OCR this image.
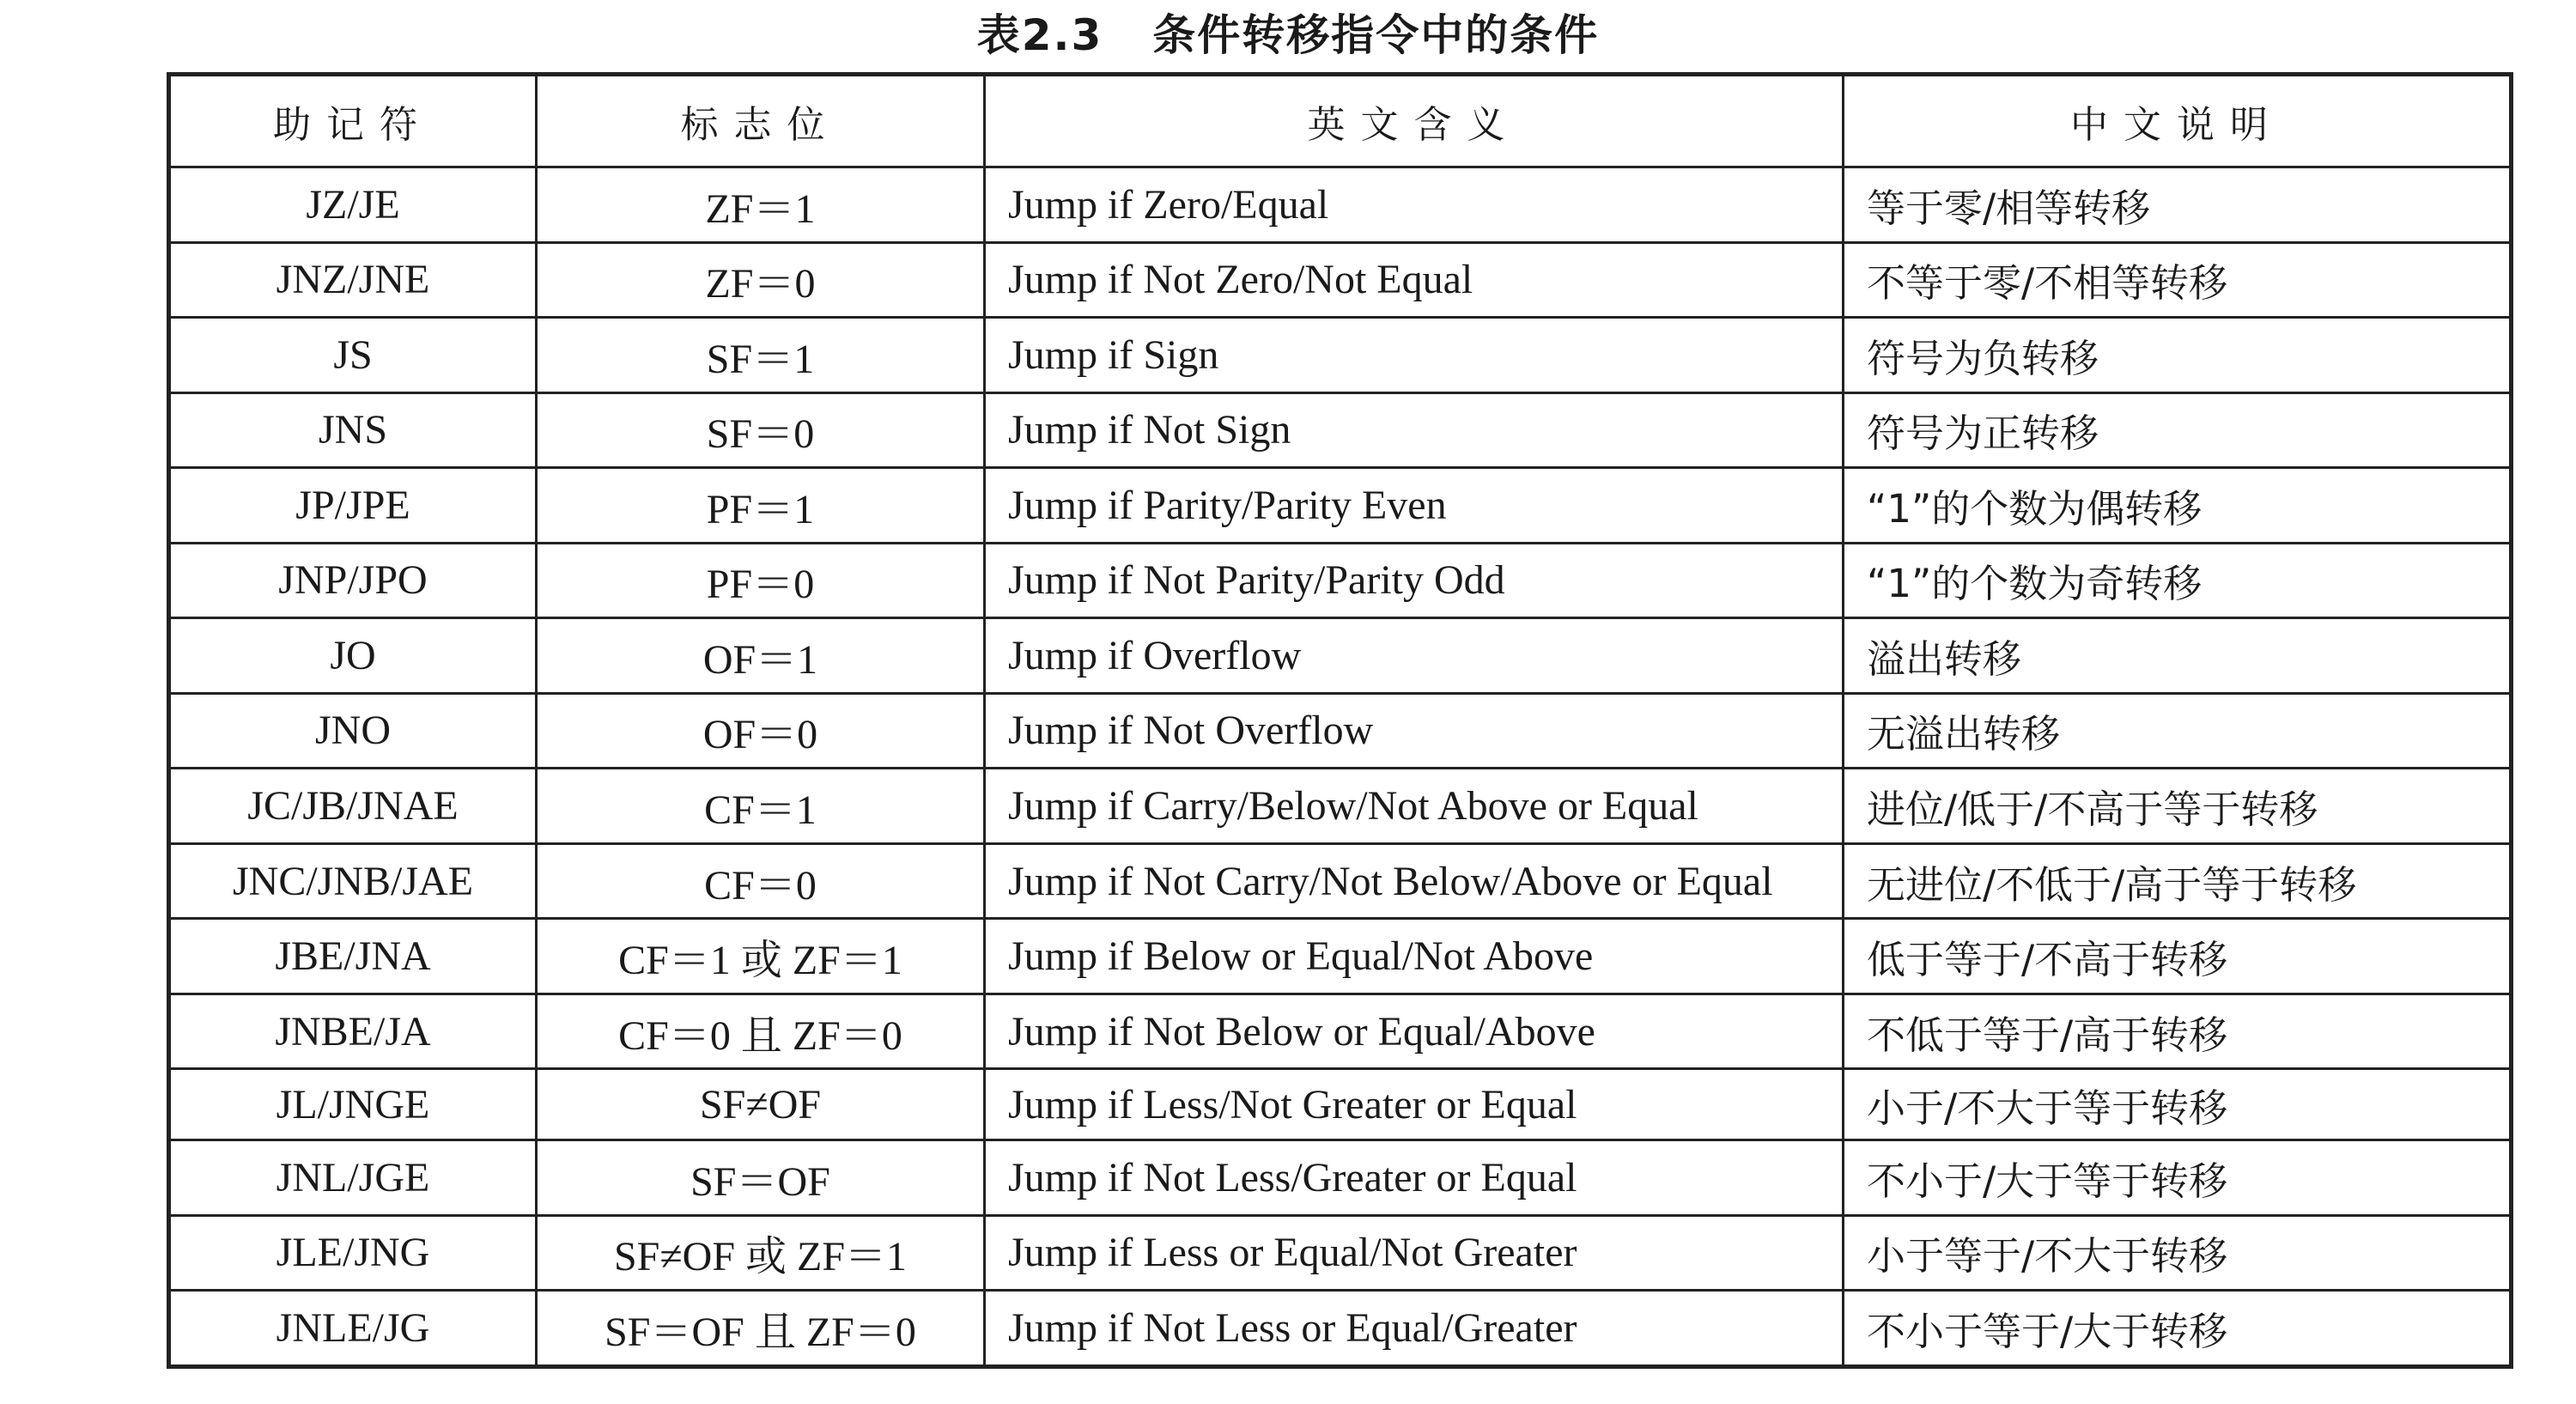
表2.3 条件转移指令中的条件
助记符	标志位	英文含义	中文说明
JZ/JE	ZF＝1	Jump if Zero/Equal	等于零/相等转移
JNZ/JNE	ZF＝0	Jump if Not Zero/Not Equal	不等于零/不相等转移
JS	SF＝1	Jump if Sign	符号为负转移
JNS	SF＝0	Jump if Not Sign	符号为正转移
JP/JPE	PF＝1	Jump if Parity/Parity Even	“1”的个数为偶转移
JNP/JPO	PF＝0	Jump if Not Parity/Parity Odd	“1”的个数为奇转移
JO	OF＝1	Jump if Overflow	溢出转移
JNO	OF＝0	Jump if Not Overflow	无溢出转移
JC/JB/JNAE	CF＝1	Jump if Carry/Below/Not Above or Equal	进位/低于/不高于等于转移
JNC/JNB/JAE	CF＝0	Jump if Not Carry/Not Below/Above or Equal	无进位/不低于/高于等于转移
JBE/JNA	CF＝1 或 ZF＝1	Jump if Below or Equal/Not Above	低于等于/不高于转移
JNBE/JA	CF＝0 且 ZF＝0	Jump if Not Below or Equal/Above	不低于等于/高于转移
JL/JNGE	SF≠OF	Jump if Less/Not Greater or Equal	小于/不大于等于转移
JNL/JGE	SF＝OF	Jump if Not Less/Greater or Equal	不小于/大于等于转移
JLE/JNG	SF≠OF 或 ZF＝1	Jump if Less or Equal/Not Greater	小于等于/不大于转移
JNLE/JG	SF＝OF 且 ZF＝0	Jump if Not Less or Equal/Greater	不小于等于/大于转移
